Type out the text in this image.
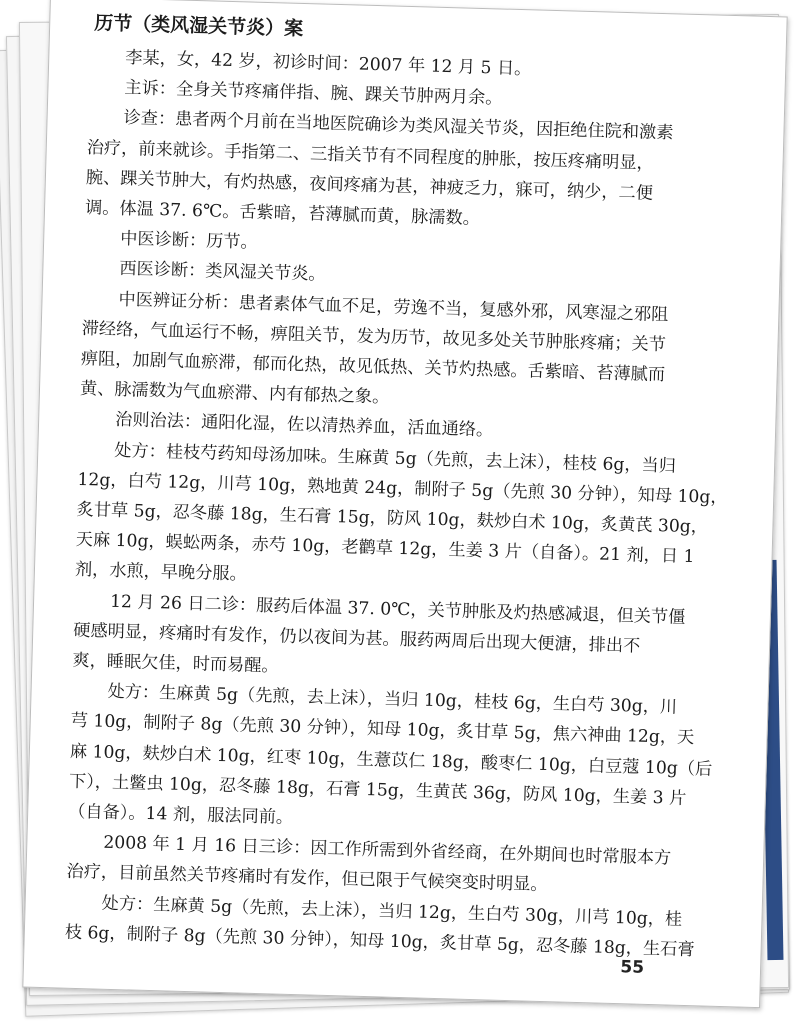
历节（类风湿关节炎）案
李某，女，42 岁，初诊时间：2007 年 12 月 5 日。
主诉：全身关节疼痛伴指、腕、踝关节肿两月余。
诊查：患者两个月前在当地医院确诊为类风湿关节炎，因拒绝住院和激素
治疗，前来就诊。手指第二、三指关节有不同程度的肿胀，按压疼痛明显，
腕、踝关节肿大，有灼热感，夜间疼痛为甚，神疲乏力，寐可，纳少，二便
调。体温 37. 6℃。舌紫暗，苔薄腻而黄，脉濡数。
中医诊断：历节。
西医诊断：类风湿关节炎。
中医辨证分析：患者素体气血不足，劳逸不当，复感外邪，风寒湿之邪阻
滞经络，气血运行不畅，痹阻关节，发为历节，故见多处关节肿胀疼痛；关节
痹阻，加剧气血瘀滞，郁而化热，故见低热、关节灼热感。舌紫暗、苔薄腻而
黄、脉濡数为气血瘀滞、内有郁热之象。
治则治法：通阳化湿，佐以清热养血，活血通络。
处方：桂枝芍药知母汤加味。生麻黄 5g（先煎，去上沫），桂枝 6g，当归
12g，白芍 12g，川芎 10g，熟地黄 24g，制附子 5g（先煎 30 分钟），知母 10g，
炙甘草 5g，忍冬藤 18g，生石膏 15g，防风 10g，麸炒白术 10g，炙黄芪 30g，
天麻 10g，蜈蚣两条，赤芍 10g，老鹳草 12g，生姜 3 片（自备）。21 剂，日 1
剂，水煎，早晚分服。
12 月 26 日二诊：服药后体温 37. 0℃，关节肿胀及灼热感减退，但关节僵
硬感明显，疼痛时有发作，仍以夜间为甚。服药两周后出现大便溏，排出不
爽，睡眠欠佳，时而易醒。
处方：生麻黄 5g（先煎，去上沫），当归 10g，桂枝 6g，生白芍 30g，川
芎 10g，制附子 8g（先煎 30 分钟），知母 10g，炙甘草 5g，焦六神曲 12g，天
麻 10g，麸炒白术 10g，红枣 10g，生薏苡仁 18g，酸枣仁 10g，白豆蔻 10g（后
下），土鳖虫 10g，忍冬藤 18g，石膏 15g，生黄芪 36g，防风 10g，生姜 3 片
（自备）。14 剂，服法同前。
2008 年 1 月 16 日三诊：因工作所需到外省经商，在外期间也时常服本方
治疗，目前虽然关节疼痛时有发作，但已限于气候突变时明显。
处方：生麻黄 5g（先煎，去上沫），当归 12g，生白芍 30g，川芎 10g，桂
枝 6g，制附子 8g（先煎 30 分钟），知母 10g，炙甘草 5g，忍冬藤 18g，生石膏
55
